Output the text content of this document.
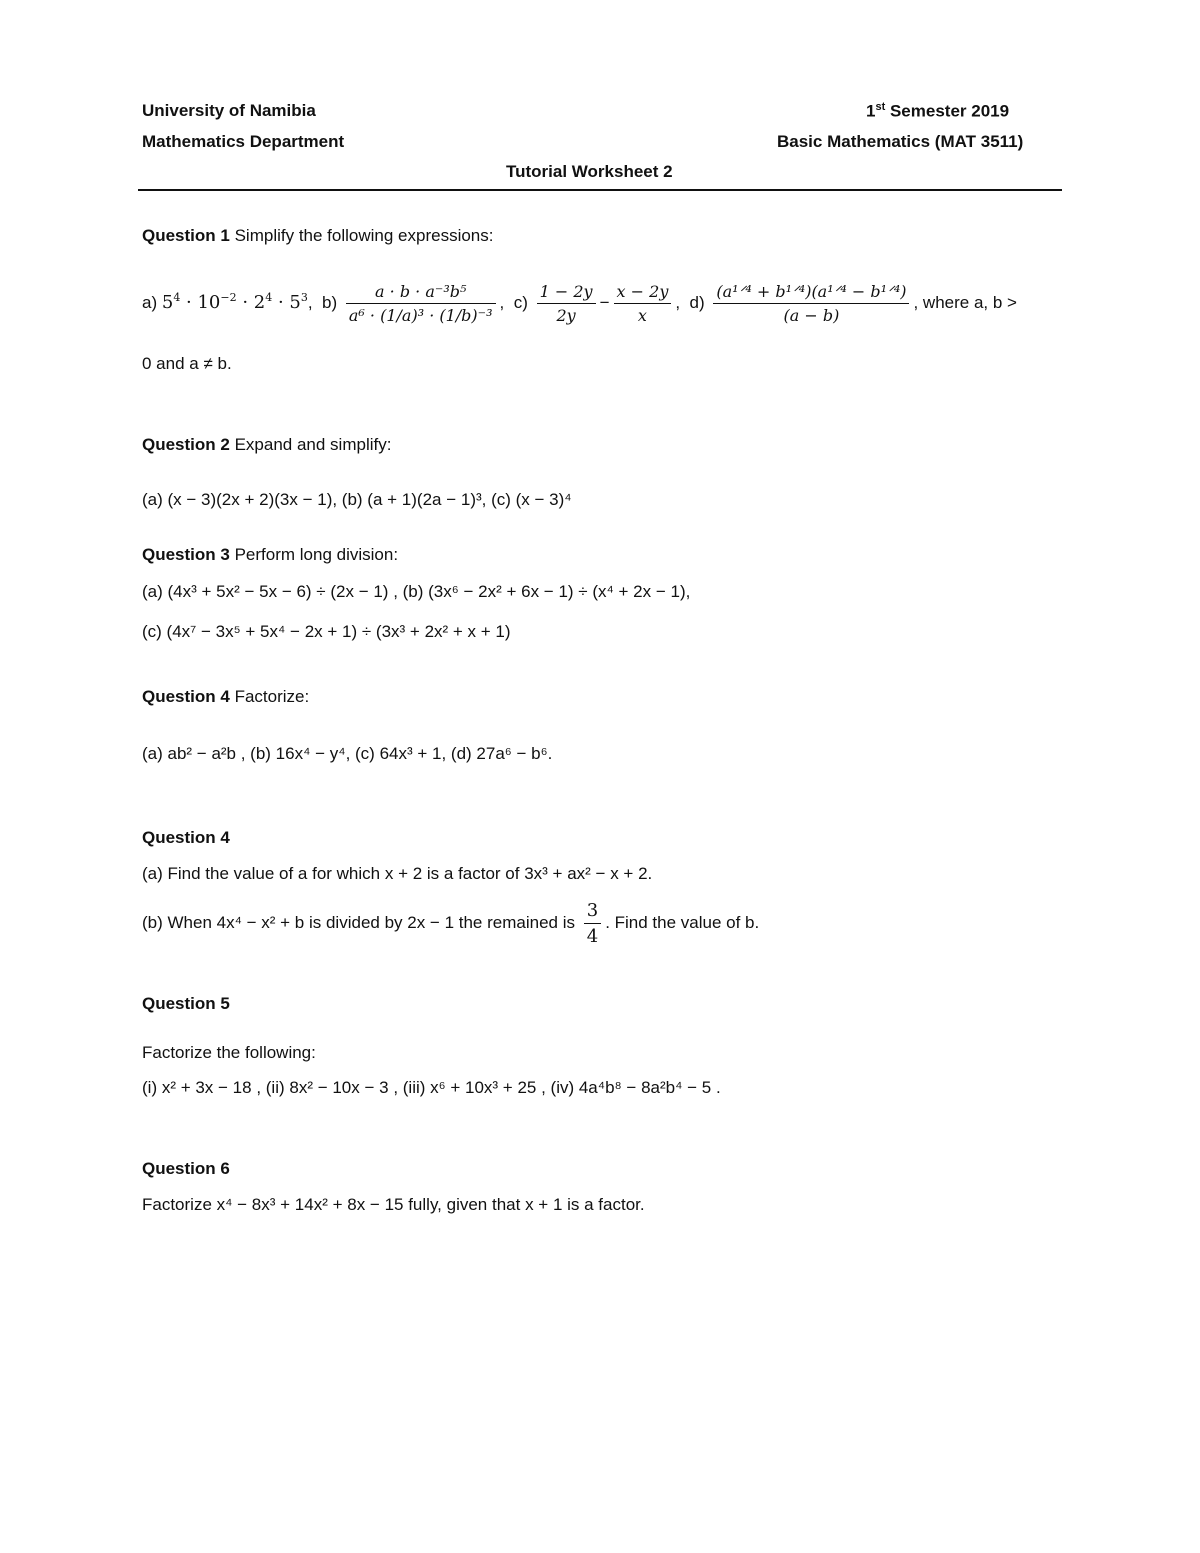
University of Namibia	1st Semester 2019
Mathematics Department	Basic Mathematics (MAT 3511)
Tutorial Worksheet 2
Question 1 Simplify the following expressions:
a) $5^4 \cdot 10^{-2} \cdot 2^4 \cdot 5^3$,  $b) \frac{\text{a · b · a⁻³b⁵}}{\text{a⁶ · (1/a)³ · (1/b)⁻³}}$ ,  $c) \frac{1 - 2y}{2y} - \frac{x - 2y}{x}$ ,  $d) \frac{\text{(a¹ᐟ⁴ + b¹ᐟ⁴)(a¹ᐟ⁴ − b¹ᐟ⁴)}}{(a - b)}$ , where a, b >
0 and a ≠ b.
Question 2 Expand and simplify:
(a) (x − 3)(2x + 2)(3x − 1), (b) (a + 1)(2a − 1)³, (c) (x − 3)⁴
Question 3 Perform long division:
(a) (4x³ + 5x² − 5x − 6) ÷ (2x − 1) , (b) (3x⁶ − 2x² + 6x − 1) ÷ (x⁴ + 2x − 1),
(c) (4x⁷ − 3x⁵ + 5x⁴ − 2x + 1) ÷ (3x³ + 2x² + x + 1)
Question 4 Factorize:
(a) ab² − a²b , (b) 16x⁴ − y⁴, (c) 64x³ + 1, (d) 27a⁶ − b⁶.
Question 4
(a) Find the value of a for which x + 2 is a factor of 3x³ + ax² − x + 2.
(b) When 4x⁴ − x² + b is divided by 2x − 1 the remained is $\frac{3}{4}$ . Find the value of b.
Question 5
Factorize the following:
(i) x² + 3x − 18 , (ii) 8x² − 10x − 3 , (iii) x⁶ + 10x³ + 25 , (iv) 4a⁴b⁸ − 8a²b⁴ − 5 .
Question 6
Factorize x⁴ − 8x³ + 14x² + 8x − 15 fully, given that x + 1 is a factor.
